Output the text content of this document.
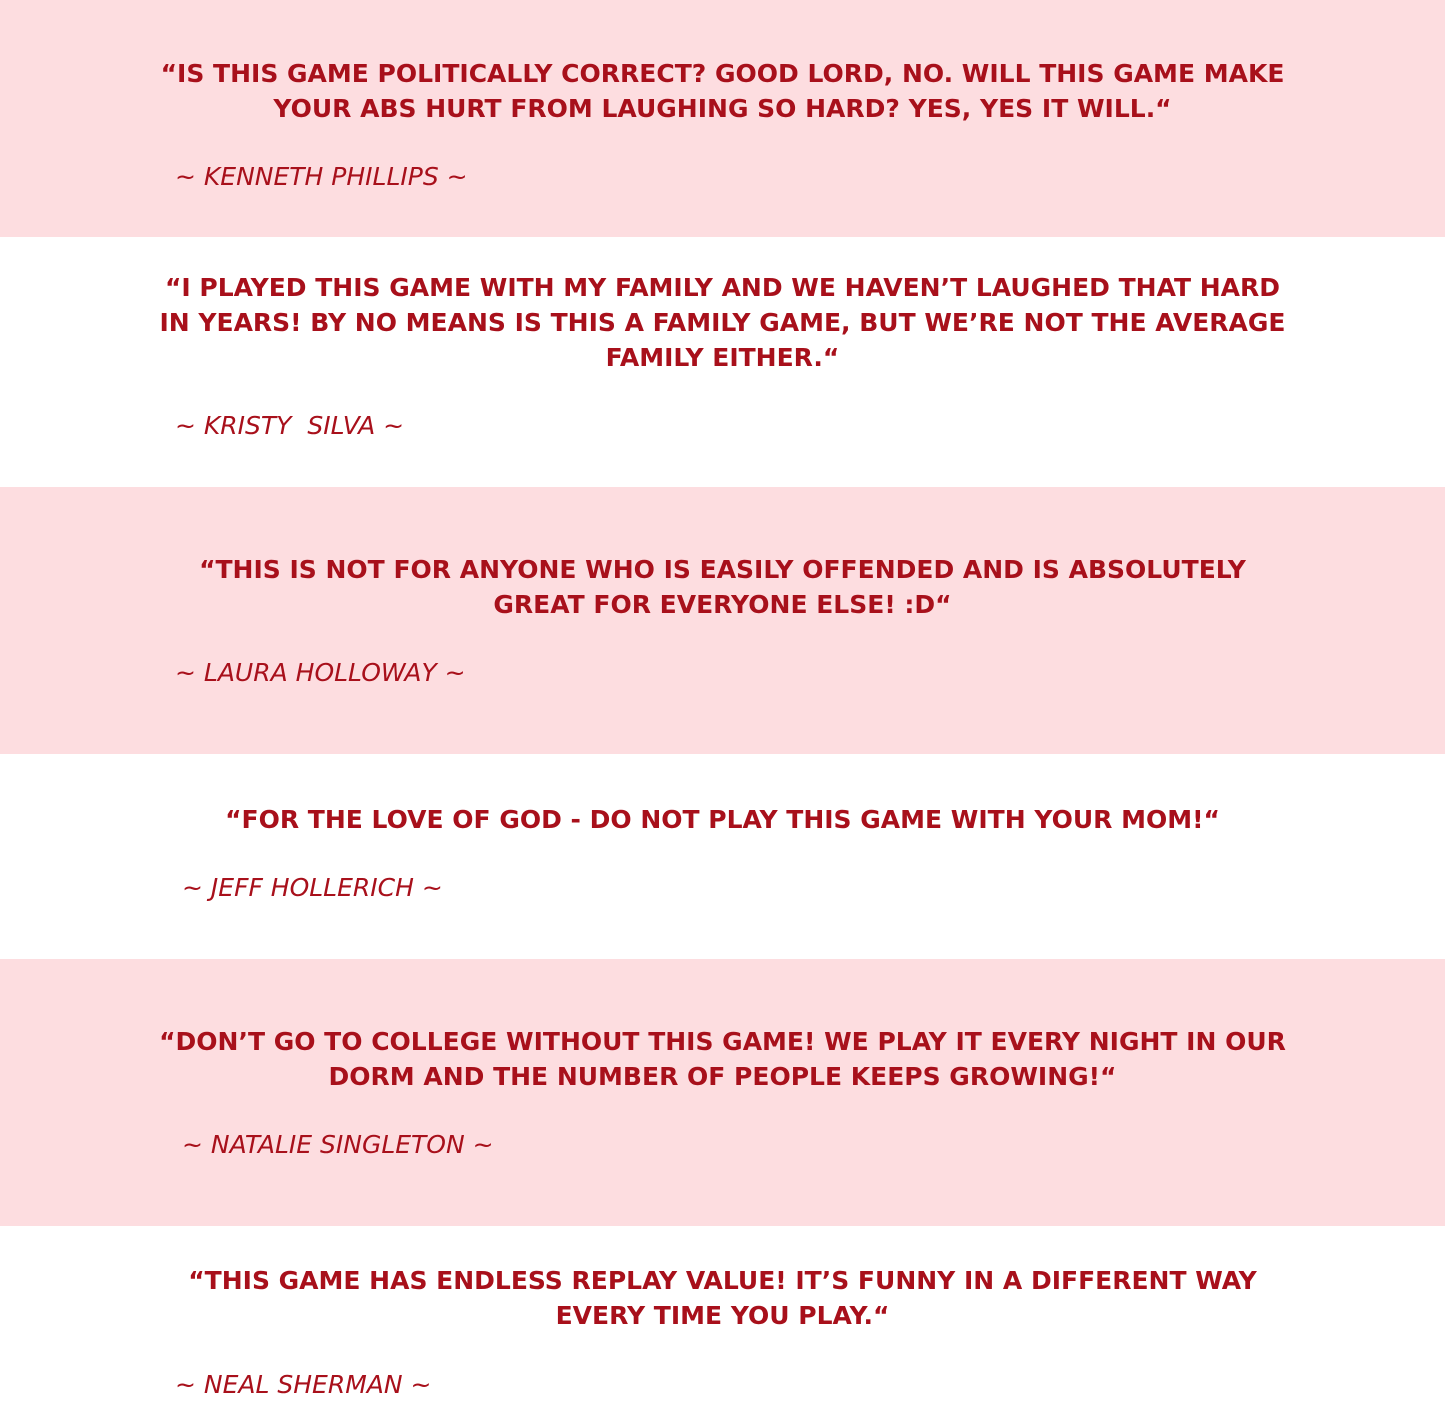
“IS THIS GAME POLITICALLY CORRECT? GOOD LORD, NO. WILL THIS GAME MAKE YOUR ABS HURT FROM LAUGHING SO HARD? YES, YES IT WILL.“

~ KENNETH PHILLIPS ~

“I PLAYED THIS GAME WITH MY FAMILY AND WE HAVEN’T LAUGHED THAT HARD IN YEARS! BY NO MEANS IS THIS A FAMILY GAME, BUT WE’RE NOT THE AVERAGE FAMILY EITHER.“

~ KRISTY  SILVA ~

“THIS IS NOT FOR ANYONE WHO IS EASILY OFFENDED AND IS ABSOLUTELY GREAT FOR EVERYONE ELSE! :D“

~ LAURA HOLLOWAY ~

“FOR THE LOVE OF GOD - DO NOT PLAY THIS GAME WITH YOUR MOM!“

~ JEFF HOLLERICH ~

“DON’T GO TO COLLEGE WITHOUT THIS GAME! WE PLAY IT EVERY NIGHT IN OUR DORM AND THE NUMBER OF PEOPLE KEEPS GROWING!“

~ NATALIE SINGLETON ~

“THIS GAME HAS ENDLESS REPLAY VALUE! IT’S FUNNY IN A DIFFERENT WAY EVERY TIME YOU PLAY.“

~ NEAL SHERMAN ~
